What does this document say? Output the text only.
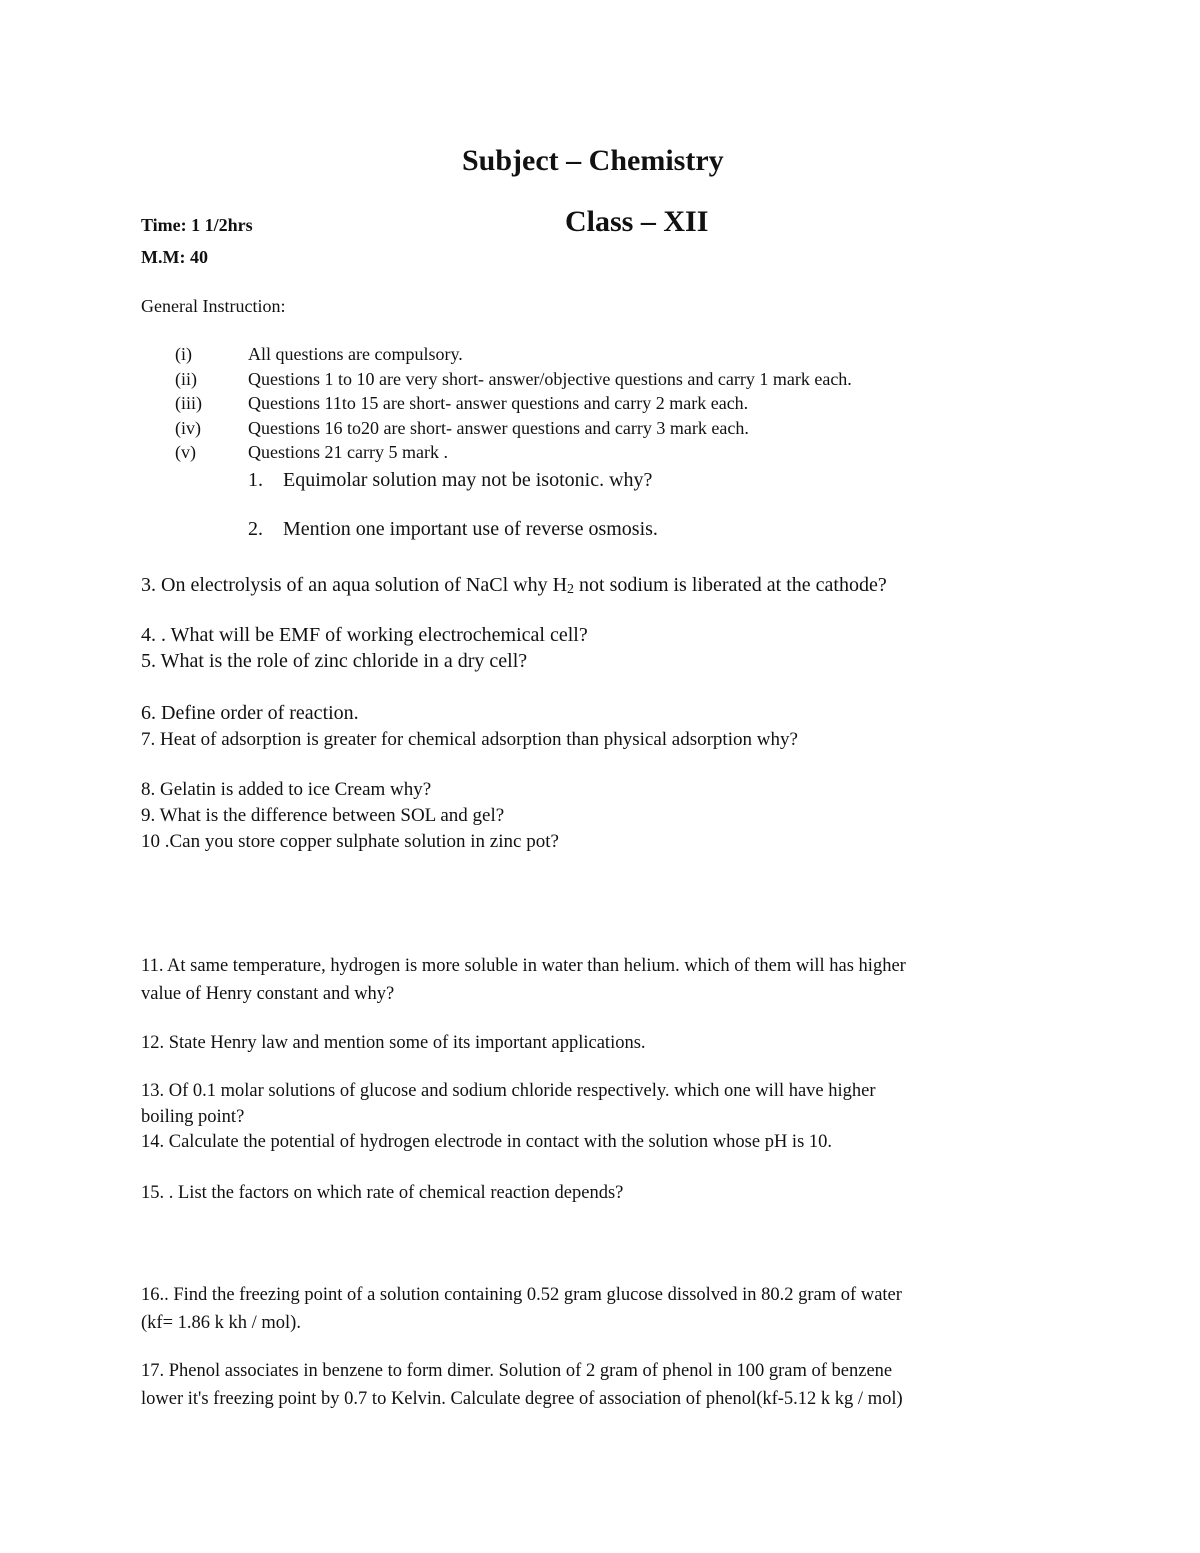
Subject – Chemistry
Time: 1 1/2hrs	Class – XII
M.M: 40
General Instruction:
(i)	All questions are compulsory.
(ii)	Questions 1 to 10 are very short- answer/objective questions and carry 1 mark each.
(iii)	Questions 11to 15 are short- answer questions and carry 2 mark each.
(iv)	Questions 16 to20 are short- answer questions and carry 3 mark each.
(v)	Questions 21 carry 5 mark .
1. Equimolar solution may not be isotonic. why?
2. Mention one important use of reverse osmosis.
3. On electrolysis of an aqua solution of NaCl why $H_2$ not sodium is liberated at the cathode?
4. . What will be EMF of working electrochemical cell?
5. What is the role of zinc chloride in a dry cell?
6. Define order of reaction.
7. Heat of adsorption is greater for chemical adsorption than physical adsorption why?
8. Gelatin is added to ice Cream why?
9. What is the difference between SOL and gel?
10 .Can you store copper sulphate solution in zinc pot?
11. At same temperature, hydrogen is more soluble in water than helium. which of them will has higher
value of Henry constant and why?
12. State Henry law and mention some of its important applications.
13. Of 0.1 molar solutions of glucose and sodium chloride respectively. which one will have higher
boiling point?
14. Calculate the potential of hydrogen electrode in contact with the solution whose pH is 10.
15. . List the factors on which rate of chemical reaction depends?
16.. Find the freezing point of a solution containing 0.52 gram glucose dissolved in 80.2 gram of water
(kf= 1.86 k kh / mol).
17. Phenol associates in benzene to form dimer. Solution of 2 gram of phenol in 100 gram of benzene
lower it's freezing point by 0.7 to Kelvin. Calculate degree of association of phenol(kf-5.12 k kg / mol)
